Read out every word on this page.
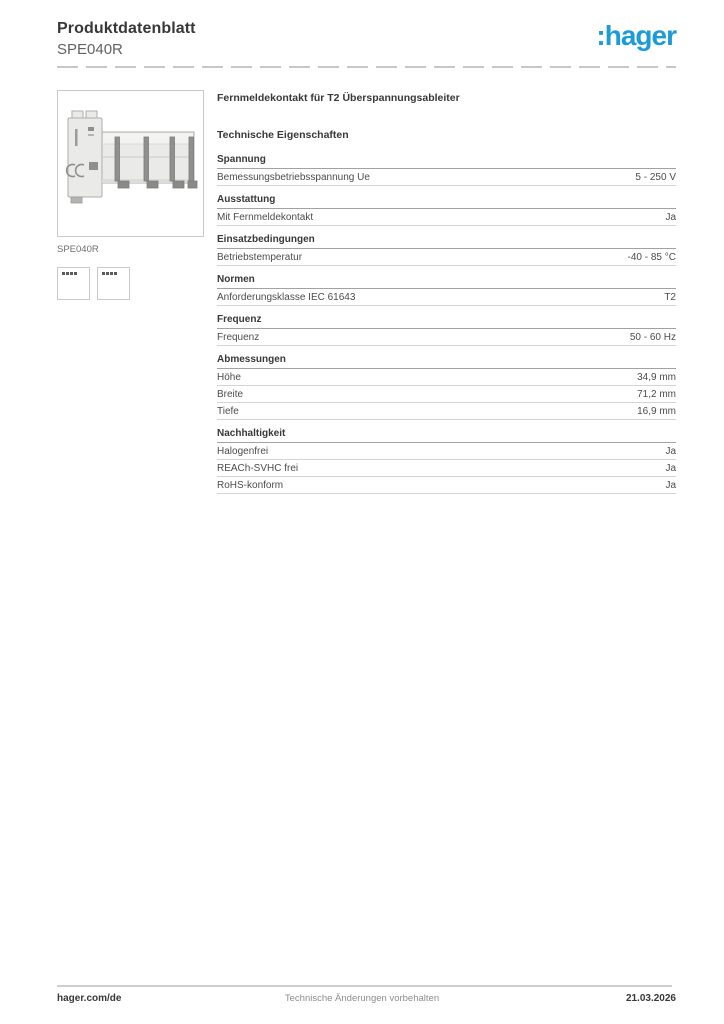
Produktdatenblatt
SPE040R	:hager
SPE040R
Fernmeldekontakt für T2 Überspannungsableiter
Technische Eigenschaften
Spannung
Bemessungsbetriebsspannung Ue	5 - 250 V
Ausstattung
Mit Fernmeldekontakt	Ja
Einsatzbedingungen
Betriebstemperatur	-40 - 85 °C
Normen
Anforderungsklasse IEC 61643	T2
Frequenz
Frequenz	50 - 60 Hz
Abmessungen
Höhe	34,9 mm
Breite	71,2 mm
Tiefe	16,9 mm
Nachhaltigkeit
Halogenfrei	Ja
REACh-SVHC frei	Ja
RoHS-konform	Ja
hager.com/de	Technische Änderungen vorbehalten	21.03.2026
